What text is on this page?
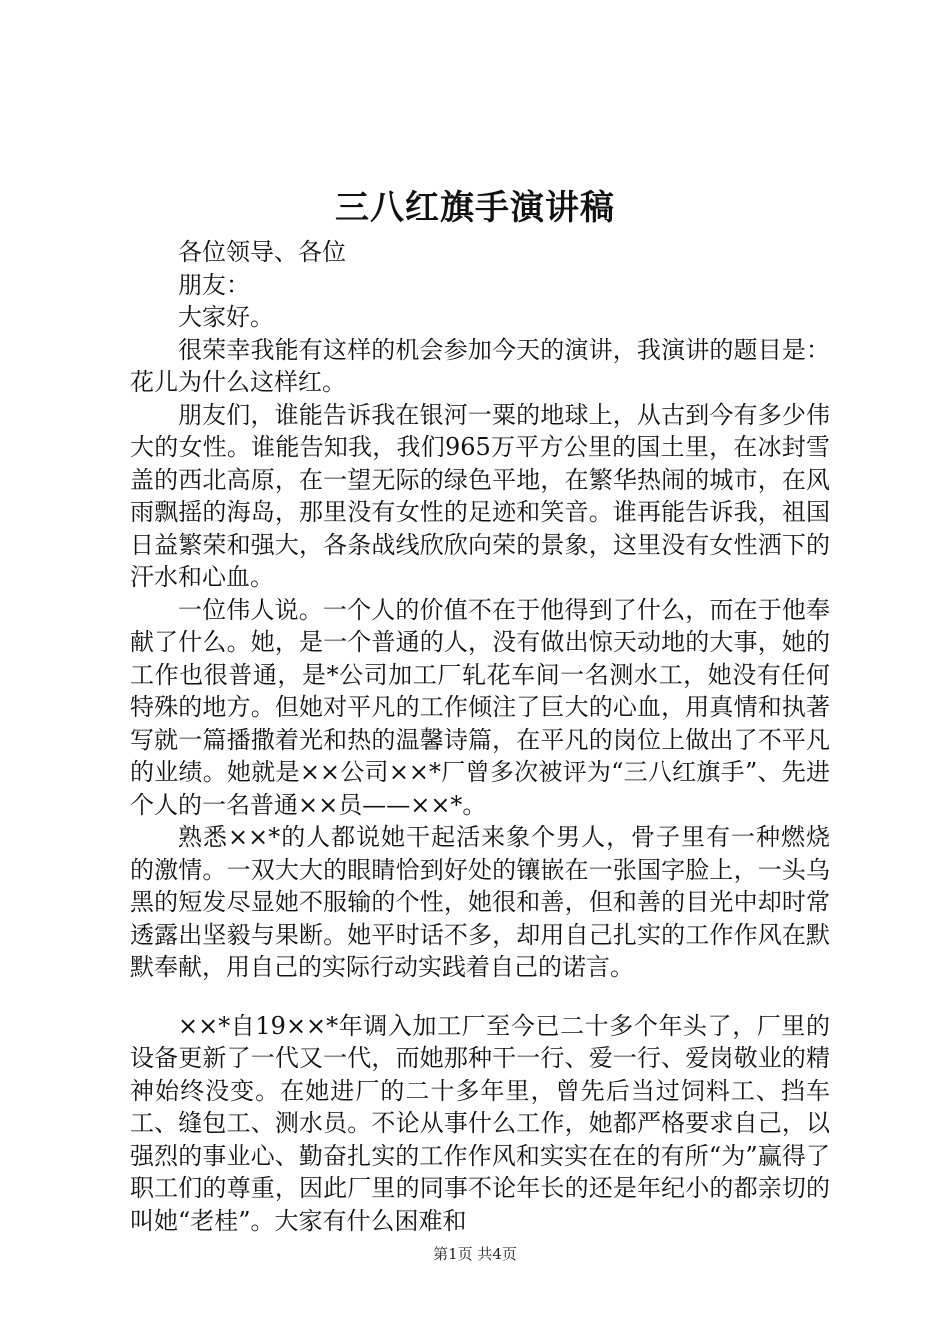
三八红旗手演讲稿

各位领导、各位

朋友：

大家好。

很荣幸我能有这样的机会参加今天的演讲，我演讲的题目是：花儿为什么这样红。

朋友们，谁能告诉我在银河一粟的地球上，从古到今有多少伟大的女性。谁能告知我，我们965万平方公里的国土里，在冰封雪盖的西北高原，在一望无际的绿色平地，在繁华热闹的城市，在风雨飘摇的海岛，那里没有女性的足迹和笑音。谁再能告诉我，祖国日益繁荣和强大，各条战线欣欣向荣的景象，这里没有女性洒下的汗水和心血。

一位伟人说。一个人的价值不在于他得到了什么，而在于他奉献了什么。她，是一个普通的人，没有做出惊天动地的大事，她的工作也很普通，是*公司加工厂轧花车间一名测水工，她没有任何特殊的地方。但她对平凡的工作倾注了巨大的心血，用真情和执著写就一篇播撒着光和热的温馨诗篇，在平凡的岗位上做出了不平凡的业绩。她就是××公司××*厂曾多次被评为“三八红旗手”、先进个人的一名普通××员——××*。

熟悉××*的人都说她干起活来象个男人，骨子里有一种燃烧的激情。一双大大的眼睛恰到好处的镶嵌在一张国字脸上，一头乌黑的短发尽显她不服输的个性，她很和善，但和善的目光中却时常透露出坚毅与果断。她平时话不多，却用自己扎实的工作作风在默默奉献，用自己的实际行动实践着自己的诺言。

××*自19××*年调入加工厂至今已二十多个年头了，厂里的设备更新了一代又一代，而她那种干一行、爱一行、爱岗敬业的精神始终没变。在她进厂的二十多年里，曾先后当过饲料工、挡车工、缝包工、测水员。不论从事什么工作，她都严格要求自己，以强烈的事业心、勤奋扎实的工作作风和实实在在的有所“为”赢得了职工们的尊重，因此厂里的同事不论年长的还是年纪小的都亲切的叫她“老桂”。大家有什么困难和

第1页 共4页
